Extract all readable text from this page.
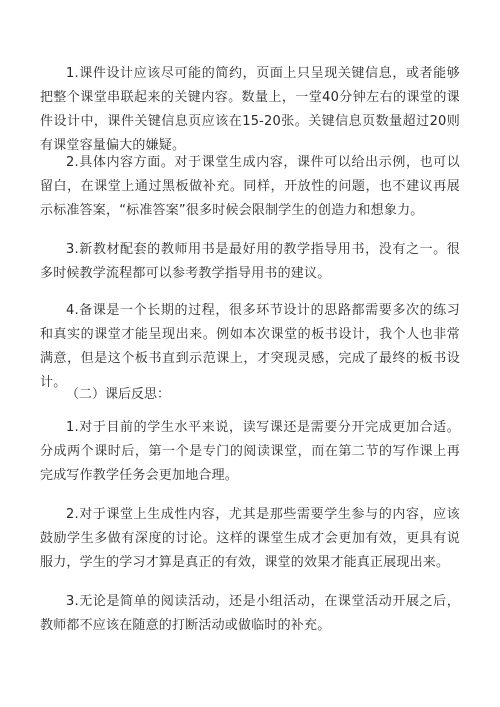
1.课件设计应该尽可能的简约，页面上只呈现关键信息，或者能够把整个课堂串联起来的关键内容。数量上，一堂40分钟左右的课堂的课件设计中，课件关键信息页应该在15-20张。关键信息页数量超过20则有课堂容量偏大的嫌疑。

2.具体内容方面。对于课堂生成内容，课件可以给出示例，也可以留白，在课堂上通过黑板做补充。同样，开放性的问题，也不建议再展示标准答案，“标准答案”很多时候会限制学生的创造力和想象力。

3.新教材配套的教师用书是最好用的教学指导用书，没有之一。很多时候教学流程都可以参考教学指导用书的建议。

4.备课是一个长期的过程，很多环节设计的思路都需要多次的练习和真实的课堂才能呈现出来。例如本次课堂的板书设计，我个人也非常满意，但是这个板书直到示范课上，才突现灵感，完成了最终的板书设计。

（二）课后反思：

1.对于目前的学生水平来说，读写课还是需要分开完成更加合适。分成两个课时后，第一个是专门的阅读课堂，而在第二节的写作课上再完成写作教学任务会更加地合理。

2.对于课堂上生成性内容，尤其是那些需要学生参与的内容，应该鼓励学生多做有深度的讨论。这样的课堂生成才会更加有效，更具有说服力，学生的学习才算是真正的有效，课堂的效果才能真正展现出来。

3.无论是简单的阅读活动，还是小组活动，在课堂活动开展之后，教师都不应该在随意的打断活动或做临时的补充。
